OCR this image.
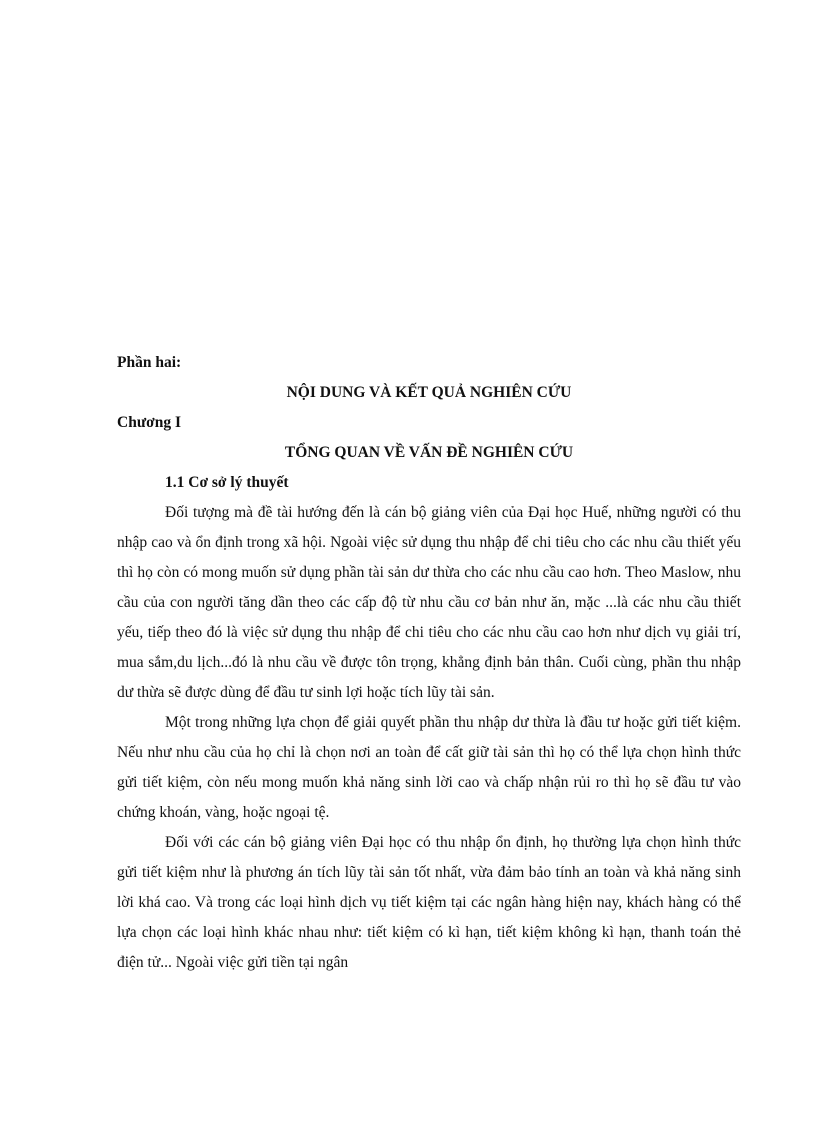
Phần hai:

NỘI DUNG VÀ KẾT QUẢ NGHIÊN CỨU

Chương I

TỔNG QUAN VỀ VẤN ĐỀ NGHIÊN CỨU

1.1 Cơ sở lý thuyết

Đối tượng mà đề tài hướng đến là cán bộ giảng viên của Đại học Huế, những người có thu nhập cao và ổn định trong xã hội. Ngoài việc sử dụng thu nhập để chi tiêu cho các nhu cầu thiết yếu thì họ còn có mong muốn sử dụng phần tài sản dư thừa cho các nhu cầu cao hơn. Theo Maslow, nhu cầu của con người tăng dần theo các cấp độ từ nhu cầu cơ bản như ăn, mặc ...là các nhu cầu thiết yếu, tiếp theo đó là việc sử dụng thu nhập để chi tiêu cho các nhu cầu cao hơn như dịch vụ giải trí, mua sắm,du lịch...đó là nhu cầu về được tôn trọng, khẳng định bản thân. Cuối cùng, phần thu nhập dư thừa sẽ được dùng để đầu tư sinh lợi hoặc tích lũy tài sản.

Một trong những lựa chọn để giải quyết phần thu nhập dư thừa là đầu tư hoặc gửi tiết kiệm. Nếu như nhu cầu của họ chỉ là chọn nơi an toàn để cất giữ tài sản thì họ có thể lựa chọn hình thức gửi tiết kiệm, còn nếu mong muốn khả năng sinh lời cao và chấp nhận rủi ro thì họ sẽ đầu tư vào chứng khoán, vàng, hoặc ngoại tệ.

Đối với các cán bộ giảng viên Đại học có thu nhập ổn định, họ thường lựa chọn hình thức gửi tiết kiệm như là phương án tích lũy tài sản tốt nhất, vừa đảm bảo tính an toàn và khả năng sinh lời khá cao. Và trong các loại hình dịch vụ tiết kiệm tại các ngân hàng hiện nay, khách hàng có thể lựa chọn các loại hình khác nhau như: tiết kiệm có kì hạn, tiết kiệm không kì hạn, thanh toán thẻ điện tử... Ngoài việc gửi tiền tại ngân
